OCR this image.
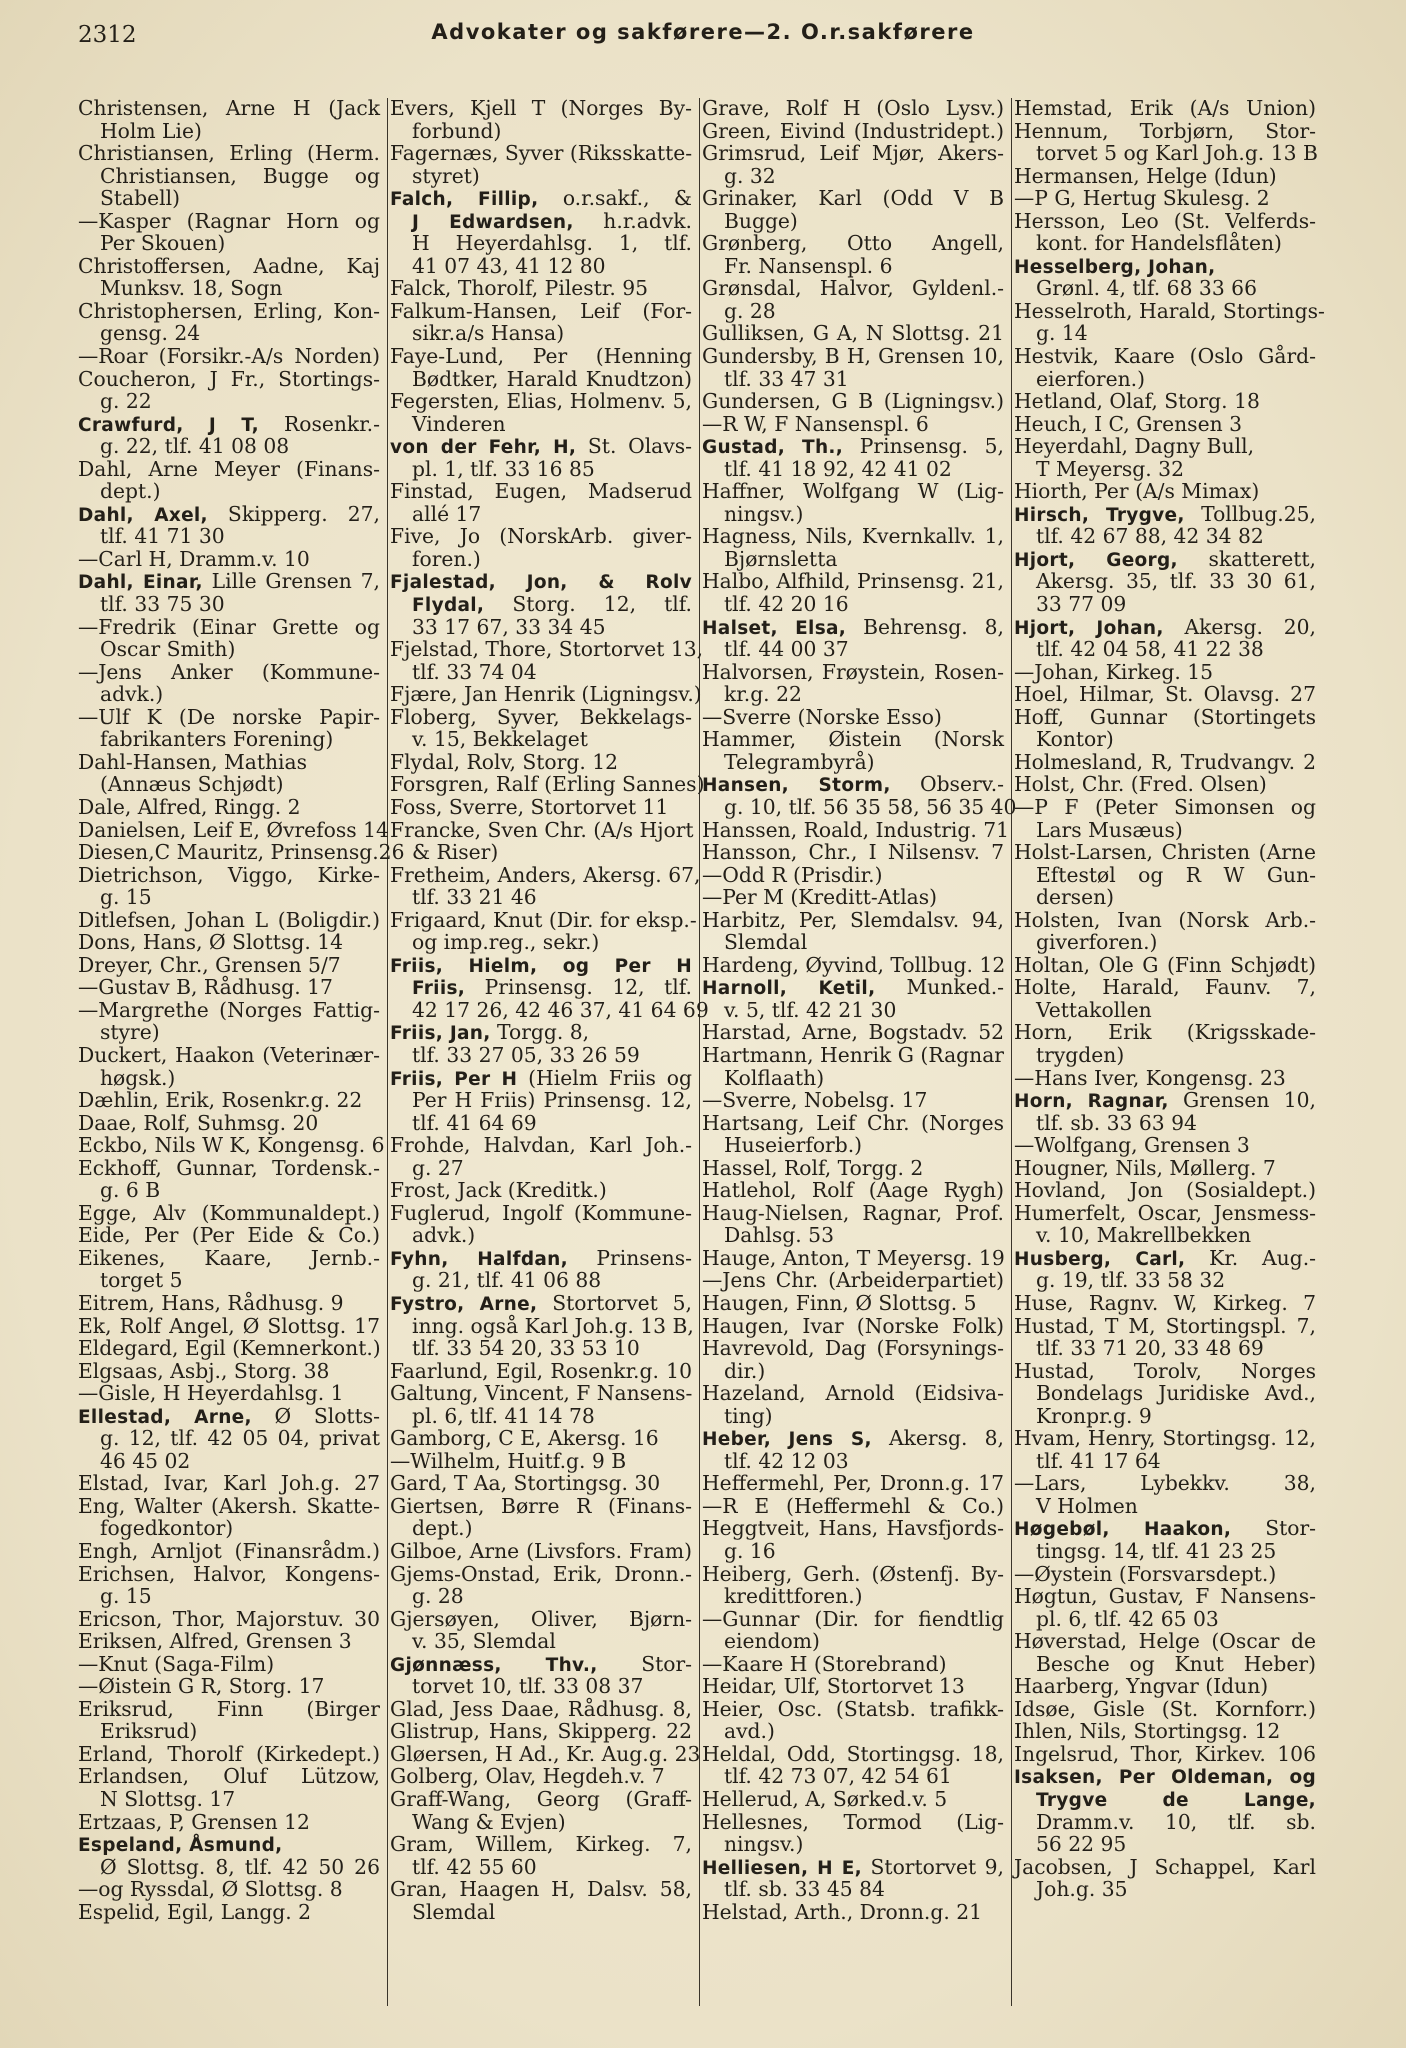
2312	Advokater og sakførere—2. O.r.sakførere
Christensen, Arne H (Jack
Holm Lie)
Christiansen, Erling (Herm.
Christiansen, Bugge og
Stabell)
—Kasper (Ragnar Horn og
Per Skouen)
Christoffersen, Aadne, Kaj
Munksv. 18, Sogn
Christophersen, Erling, Kon-
gensg. 24
—Roar (Forsikr.-A/s Norden)
Coucheron, J Fr., Stortings-
g. 22
Crawfurd, J T, Rosenkr.-
g. 22, tlf. 41 08 08
Dahl, Arne Meyer (Finans-
dept.)
Dahl, Axel, Skipperg. 27,
tlf. 41 71 30
—Carl H, Dramm.v. 10
Dahl, Einar, Lille Grensen 7,
tlf. 33 75 30
—Fredrik (Einar Grette og
Oscar Smith)
—Jens Anker (Kommune-
advk.)
—Ulf K (De norske Papir-
fabrikanters Forening)
Dahl-Hansen, Mathias
(Annæus Schjødt)
Dale, Alfred, Ringg. 2
Danielsen, Leif E, Øvrefoss 14
Diesen,C Mauritz, Prinsensg.26
Dietrichson, Viggo, Kirke-
g. 15
Ditlefsen, Johan L (Boligdir.)
Dons, Hans, Ø Slottsg. 14
Dreyer, Chr., Grensen 5/7
—Gustav B, Rådhusg. 17
—Margrethe (Norges Fattig-
styre)
Duckert, Haakon (Veterinær-
høgsk.)
Dæhlin, Erik, Rosenkr.g. 22
Daae, Rolf, Suhmsg. 20
Eckbo, Nils W K, Kongensg. 6
Eckhoff, Gunnar, Tordensk.-
g. 6 B
Egge, Alv (Kommunaldept.)
Eide, Per (Per Eide & Co.)
Eikenes, Kaare, Jernb.-
torget 5
Eitrem, Hans, Rådhusg. 9
Ek, Rolf Angel, Ø Slottsg. 17
Eldegard, Egil (Kemnerkont.)
Elgsaas, Asbj., Storg. 38
—Gisle, H Heyerdahlsg. 1
Ellestad, Arne, Ø Slotts-
g. 12, tlf. 42 05 04, privat
46 45 02
Elstad, Ivar, Karl Joh.g. 27
Eng, Walter (Akersh. Skatte-
fogedkontor)
Engh, Arnljot (Finansrådm.)
Erichsen, Halvor, Kongens-
g. 15
Ericson, Thor, Majorstuv. 30
Eriksen, Alfred, Grensen 3
—Knut (Saga-Film)
—Øistein G R, Storg. 17
Eriksrud, Finn (Birger
Eriksrud)
Erland, Thorolf (Kirkedept.)
Erlandsen, Oluf Lützow,
N Slottsg. 17
Ertzaas, P, Grensen 12
Espeland, Åsmund,
Ø Slottsg. 8, tlf. 42 50 26
—og Ryssdal, Ø Slottsg. 8
Espelid, Egil, Langg. 2
Evers, Kjell T (Norges By-
forbund)
Fagernæs, Syver (Riksskatte-
styret)
Falch, Fillip, o.r.sakf., &
J Edwardsen, h.r.advk.
H Heyerdahlsg. 1, tlf.
41 07 43, 41 12 80
Falck, Thorolf, Pilestr. 95
Falkum-Hansen, Leif (For-
sikr.a/s Hansa)
Faye-Lund, Per (Henning
Bødtker, Harald Knudtzon)
Fegersten, Elias, Holmenv. 5,
Vinderen
von der Fehr, H, St. Olavs-
pl. 1, tlf. 33 16 85
Finstad, Eugen, Madserud
allé 17
Five, Jo (NorskArb. giver-
foren.)
Fjalestad, Jon, & Rolv
Flydal, Storg. 12, tlf.
33 17 67, 33 34 45
Fjelstad, Thore, Stortorvet 13,
tlf. 33 74 04
Fjære, Jan Henrik (Ligningsv.)
Floberg, Syver, Bekkelags-
v. 15, Bekkelaget
Flydal, Rolv, Storg. 12
Forsgren, Ralf (Erling Sannes)
Foss, Sverre, Stortorvet 11
Francke, Sven Chr. (A/s Hjort
& Riser)
Fretheim, Anders, Akersg. 67,
tlf. 33 21 46
Frigaard, Knut (Dir. for eksp.-
og imp.reg., sekr.)
Friis, Hielm, og Per H
Friis, Prinsensg. 12, tlf.
42 17 26, 42 46 37, 41 64 69
Friis, Jan, Torgg. 8,
tlf. 33 27 05, 33 26 59
Friis, Per H (Hielm Friis og
Per H Friis) Prinsensg. 12,
tlf. 41 64 69
Frohde, Halvdan, Karl Joh.-
g. 27
Frost, Jack (Kreditk.)
Fuglerud, Ingolf (Kommune-
advk.)
Fyhn, Halfdan, Prinsens-
g. 21, tlf. 41 06 88
Fystro, Arne, Stortorvet 5,
inng. også Karl Joh.g. 13 B,
tlf. 33 54 20, 33 53 10
Faarlund, Egil, Rosenkr.g. 10
Galtung, Vincent, F Nansens-
pl. 6, tlf. 41 14 78
Gamborg, C E, Akersg. 16
—Wilhelm, Huitf.g. 9 B
Gard, T Aa, Stortingsg. 30
Giertsen, Børre R (Finans-
dept.)
Gilboe, Arne (Livsfors. Fram)
Gjems-Onstad, Erik, Dronn.-
g. 28
Gjersøyen, Oliver, Bjørn-
v. 35, Slemdal
Gjønnæss, Thv., Stor-
torvet 10, tlf. 33 08 37
Glad, Jess Daae, Rådhusg. 8,
Glistrup, Hans, Skipperg. 22
Gløersen, H Ad., Kr. Aug.g. 23
Golberg, Olav, Hegdeh.v. 7
Graff-Wang, Georg (Graff-
Wang & Evjen)
Gram, Willem, Kirkeg. 7,
tlf. 42 55 60
Gran, Haagen H, Dalsv. 58,
Slemdal
Grave, Rolf H (Oslo Lysv.)
Green, Eivind (Industridept.)
Grimsrud, Leif Mjør, Akers-
g. 32
Grinaker, Karl (Odd V B
Bugge)
Grønberg, Otto Angell,
Fr. Nansenspl. 6
Grønsdal, Halvor, Gyldenl.-
g. 28
Gulliksen, G A, N Slottsg. 21
Gundersby, B H, Grensen 10,
tlf. 33 47 31
Gundersen, G B (Ligningsv.)
—R W, F Nansenspl. 6
Gustad, Th., Prinsensg. 5,
tlf. 41 18 92, 42 41 02
Haffner, Wolfgang W (Lig-
ningsv.)
Hagness, Nils, Kvernkallv. 1,
Bjørnsletta
Halbo, Alfhild, Prinsensg. 21,
tlf. 42 20 16
Halset, Elsa, Behrensg. 8,
tlf. 44 00 37
Halvorsen, Frøystein, Rosen-
kr.g. 22
—Sverre (Norske Esso)
Hammer, Øistein (Norsk
Telegrambyrå)
Hansen, Storm, Observ.-
g. 10, tlf. 56 35 58, 56 35 40
Hanssen, Roald, Industrig. 71
Hansson, Chr., I Nilsensv. 7
—Odd R (Prisdir.)
—Per M (Kreditt-Atlas)
Harbitz, Per, Slemdalsv. 94,
Slemdal
Hardeng, Øyvind, Tollbug. 12
Harnoll, Ketil, Munked.-
v. 5, tlf. 42 21 30
Harstad, Arne, Bogstadv. 52
Hartmann, Henrik G (Ragnar
Kolflaath)
—Sverre, Nobelsg. 17
Hartsang, Leif Chr. (Norges
Huseierforb.)
Hassel, Rolf, Torgg. 2
Hatlehol, Rolf (Aage Rygh)
Haug-Nielsen, Ragnar, Prof.
Dahlsg. 53
Hauge, Anton, T Meyersg. 19
—Jens Chr. (Arbeiderpartiet)
Haugen, Finn, Ø Slottsg. 5
Haugen, Ivar (Norske Folk)
Havrevold, Dag (Forsynings-
dir.)
Hazeland, Arnold (Eidsiva-
ting)
Heber, Jens S, Akersg. 8,
tlf. 42 12 03
Heffermehl, Per, Dronn.g. 17
—R E (Heffermehl & Co.)
Heggtveit, Hans, Havsfjords-
g. 16
Heiberg, Gerh. (Østenfj. By-
kredittforen.)
—Gunnar (Dir. for fiendtlig
eiendom)
—Kaare H (Storebrand)
Heidar, Ulf, Stortorvet 13
Heier, Osc. (Statsb. trafikk-
avd.)
Heldal, Odd, Stortingsg. 18,
tlf. 42 73 07, 42 54 61
Hellerud, A, Sørked.v. 5
Hellesnes, Tormod (Lig-
ningsv.)
Helliesen, H E, Stortorvet 9,
tlf. sb. 33 45 84
Helstad, Arth., Dronn.g. 21
Hemstad, Erik (A/s Union)
Hennum, Torbjørn, Stor-
torvet 5 og Karl Joh.g. 13 B
Hermansen, Helge (Idun)
—P G, Hertug Skulesg. 2
Hersson, Leo (St. Velferds-
kont. for Handelsflåten)
Hesselberg, Johan,
Grønl. 4, tlf. 68 33 66
Hesselroth, Harald, Stortings-
g. 14
Hestvik, Kaare (Oslo Gård-
eierforen.)
Hetland, Olaf, Storg. 18
Heuch, I C, Grensen 3
Heyerdahl, Dagny Bull,
T Meyersg. 32
Hiorth, Per (A/s Mimax)
Hirsch, Trygve, Tollbug.25,
tlf. 42 67 88, 42 34 82
Hjort, Georg, skatterett,
Akersg. 35, tlf. 33 30 61,
33 77 09
Hjort, Johan, Akersg. 20,
tlf. 42 04 58, 41 22 38
—Johan, Kirkeg. 15
Hoel, Hilmar, St. Olavsg. 27
Hoff, Gunnar (Stortingets
Kontor)
Holmesland, R, Trudvangv. 2
Holst, Chr. (Fred. Olsen)
—P F (Peter Simonsen og
Lars Musæus)
Holst-Larsen, Christen (Arne
Eftestøl og R W Gun-
dersen)
Holsten, Ivan (Norsk Arb.-
giverforen.)
Holtan, Ole G (Finn Schjødt)
Holte, Harald, Faunv. 7,
Vettakollen
Horn, Erik (Krigsskade-
trygden)
—Hans Iver, Kongensg. 23
Horn, Ragnar, Grensen 10,
tlf. sb. 33 63 94
—Wolfgang, Grensen 3
Hougner, Nils, Møllerg. 7
Hovland, Jon (Sosialdept.)
Humerfelt, Oscar, Jensmess-
v. 10, Makrellbekken
Husberg, Carl, Kr. Aug.-
g. 19, tlf. 33 58 32
Huse, Ragnv. W, Kirkeg. 7
Hustad, T M, Stortingspl. 7,
tlf. 33 71 20, 33 48 69
Hustad, Torolv, Norges
Bondelags Juridiske Avd.,
Kronpr.g. 9
Hvam, Henry, Stortingsg. 12,
tlf. 41 17 64
—Lars, Lybekkv. 38,
V Holmen
Høgebøl, Haakon, Stor-
tingsg. 14, tlf. 41 23 25
—Øystein (Forsvarsdept.)
Høgtun, Gustav, F Nansens-
pl. 6, tlf. 42 65 03
Høverstad, Helge (Oscar de
Besche og Knut Heber)
Haarberg, Yngvar (Idun)
Idsøe, Gisle (St. Kornforr.)
Ihlen, Nils, Stortingsg. 12
Ingelsrud, Thor, Kirkev. 106
Isaksen, Per Oldeman, og
Trygve de Lange,
Dramm.v. 10, tlf. sb.
56 22 95
Jacobsen, J Schappel, Karl
Joh.g. 35
